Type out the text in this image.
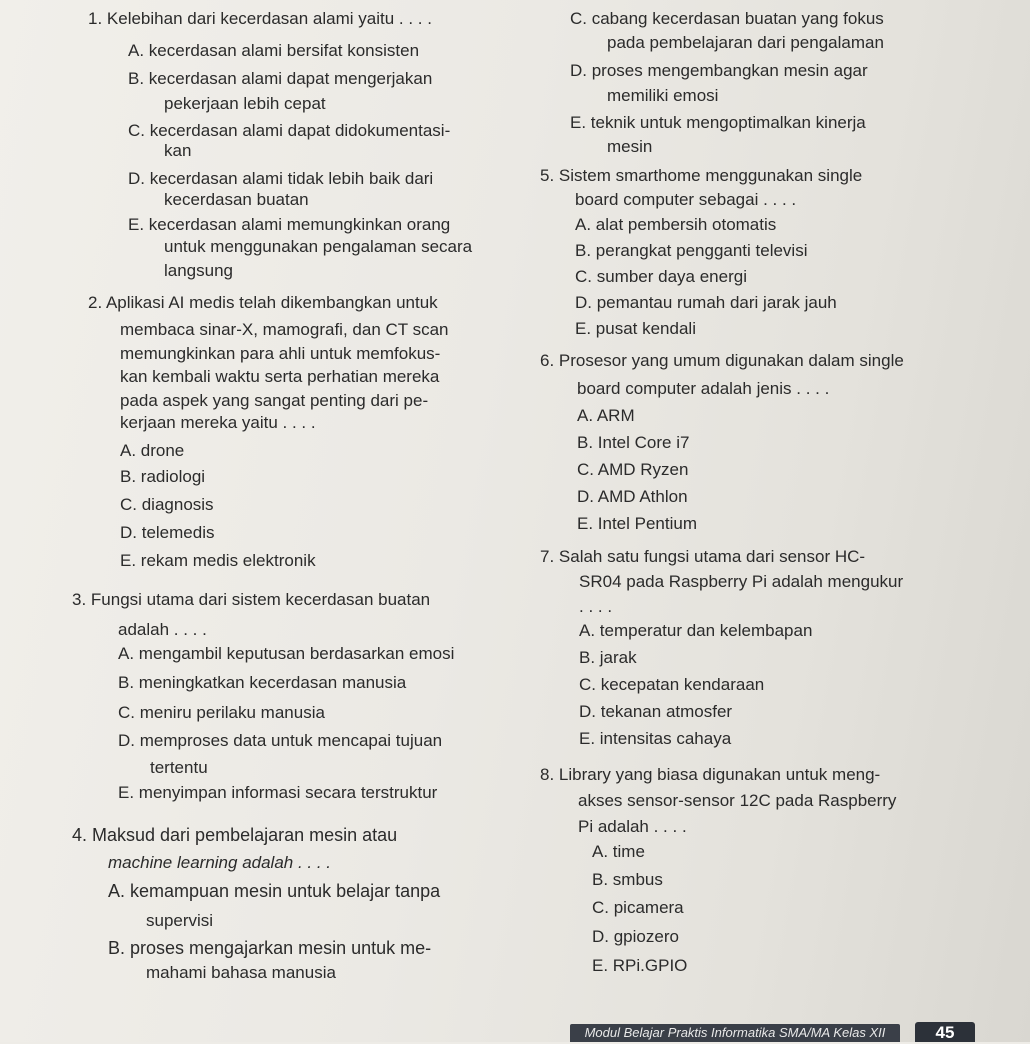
1. Kelebihan dari kecerdasan alami yaitu . . . .
A. kecerdasan alami bersifat konsisten
B. kecerdasan alami dapat mengerjakan
pekerjaan lebih cepat
C. kecerdasan alami dapat didokumentasi-
kan
D. kecerdasan alami tidak lebih baik dari
kecerdasan buatan
E. kecerdasan alami memungkinkan orang
untuk menggunakan pengalaman secara
langsung
2. Aplikasi AI medis telah dikembangkan untuk
membaca sinar-X, mamografi, dan CT scan
memungkinkan para ahli untuk memfokus-
kan kembali waktu serta perhatian mereka
pada aspek yang sangat penting dari pe-
kerjaan mereka yaitu . . . .
A. drone
B. radiologi
C. diagnosis
D. telemedis
E. rekam medis elektronik
3. Fungsi utama dari sistem kecerdasan buatan
adalah . . . .
A. mengambil keputusan berdasarkan emosi
B. meningkatkan kecerdasan manusia
C. meniru perilaku manusia
D. memproses data untuk mencapai tujuan
tertentu
E. menyimpan informasi secara terstruktur
4. Maksud dari pembelajaran mesin atau
machine learning adalah . . . .
A. kemampuan mesin untuk belajar tanpa
supervisi
B. proses mengajarkan mesin untuk me-
mahami bahasa manusia
C. cabang kecerdasan buatan yang fokus
pada pembelajaran dari pengalaman
D. proses mengembangkan mesin agar
memiliki emosi
E. teknik untuk mengoptimalkan kinerja
mesin
5. Sistem smarthome menggunakan single
board computer sebagai . . . .
A. alat pembersih otomatis
B. perangkat pengganti televisi
C. sumber daya energi
D. pemantau rumah dari jarak jauh
E. pusat kendali
6. Prosesor yang umum digunakan dalam single
board computer adalah jenis . . . .
A. ARM
B. Intel Core i7
C. AMD Ryzen
D. AMD Athlon
E. Intel Pentium
7. Salah satu fungsi utama dari sensor HC-
SR04 pada Raspberry Pi adalah mengukur
. . . .
A. temperatur dan kelembapan
B. jarak
C. kecepatan kendaraan
D. tekanan atmosfer
E. intensitas cahaya
8. Library yang biasa digunakan untuk meng-
akses sensor-sensor 12C pada Raspberry
Pi adalah . . . .
A. time
B. smbus
C. picamera
D. gpiozero
E. RPi.GPIO
Modul Belajar Praktis Informatika SMA/MA Kelas XII	45
